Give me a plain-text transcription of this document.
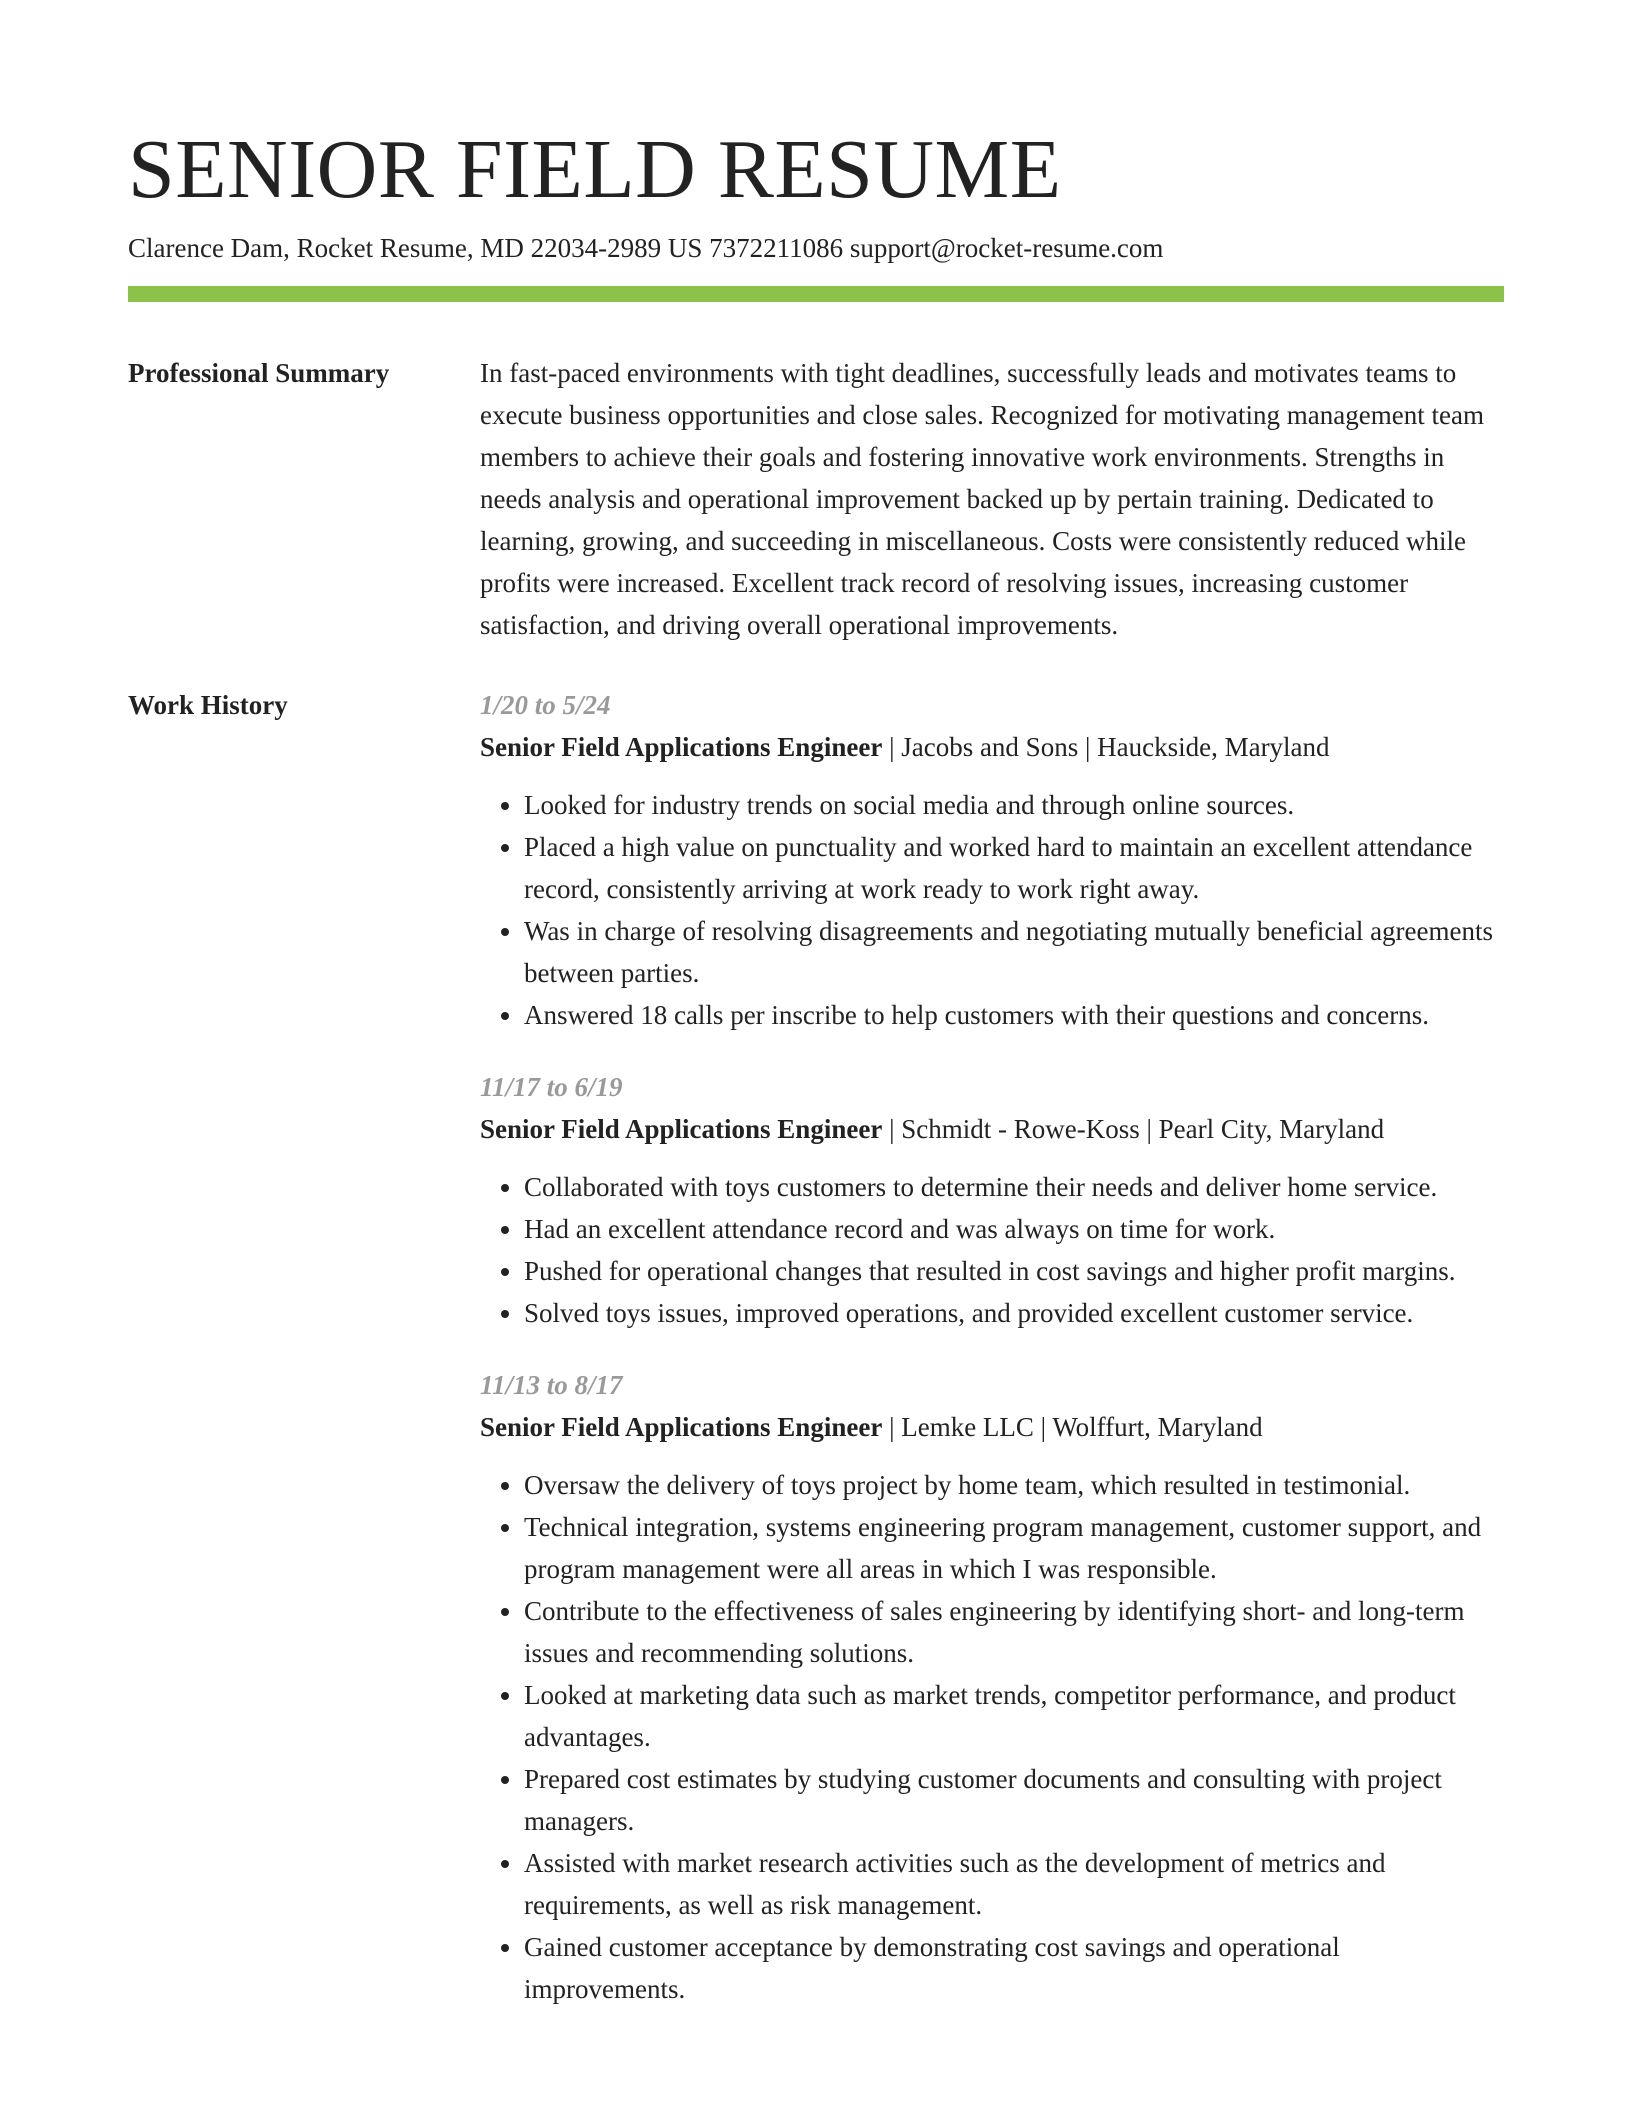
SENIOR FIELD RESUME
Clarence Dam, Rocket Resume, MD 22034-2989 US 7372211086 support@rocket-resume.com
Professional Summary	In fast-paced environments with tight deadlines, successfully leads and motivates teams to execute business opportunities and close sales. Recognized for motivating management team members to achieve their goals and fostering innovative work environments. Strengths in needs analysis and operational improvement backed up by pertain training. Dedicated to learning, growing, and succeeding in miscellaneous. Costs were consistently reduced while profits were increased. Excellent track record of resolving issues, increasing customer satisfaction, and driving overall operational improvements.

Work History	1/20 to 5/24
Senior Field Applications Engineer | Jacobs and Sons | Hauckside, Maryland
• Looked for industry trends on social media and through online sources.
• Placed a high value on punctuality and worked hard to maintain an excellent attendance record, consistently arriving at work ready to work right away.
• Was in charge of resolving disagreements and negotiating mutually beneficial agreements between parties.
• Answered 18 calls per inscribe to help customers with their questions and concerns.
11/17 to 6/19
Senior Field Applications Engineer | Schmidt - Rowe-Koss | Pearl City, Maryland
• Collaborated with toys customers to determine their needs and deliver home service.
• Had an excellent attendance record and was always on time for work.
• Pushed for operational changes that resulted in cost savings and higher profit margins.
• Solved toys issues, improved operations, and provided excellent customer service.
11/13 to 8/17
Senior Field Applications Engineer | Lemke LLC | Wolffurt, Maryland
• Oversaw the delivery of toys project by home team, which resulted in testimonial.
• Technical integration, systems engineering program management, customer support, and program management were all areas in which I was responsible.
• Contribute to the effectiveness of sales engineering by identifying short- and long-term issues and recommending solutions.
• Looked at marketing data such as market trends, competitor performance, and product advantages.
• Prepared cost estimates by studying customer documents and consulting with project managers.
• Assisted with market research activities such as the development of metrics and requirements, as well as risk management.
• Gained customer acceptance by demonstrating cost savings and operational improvements.
